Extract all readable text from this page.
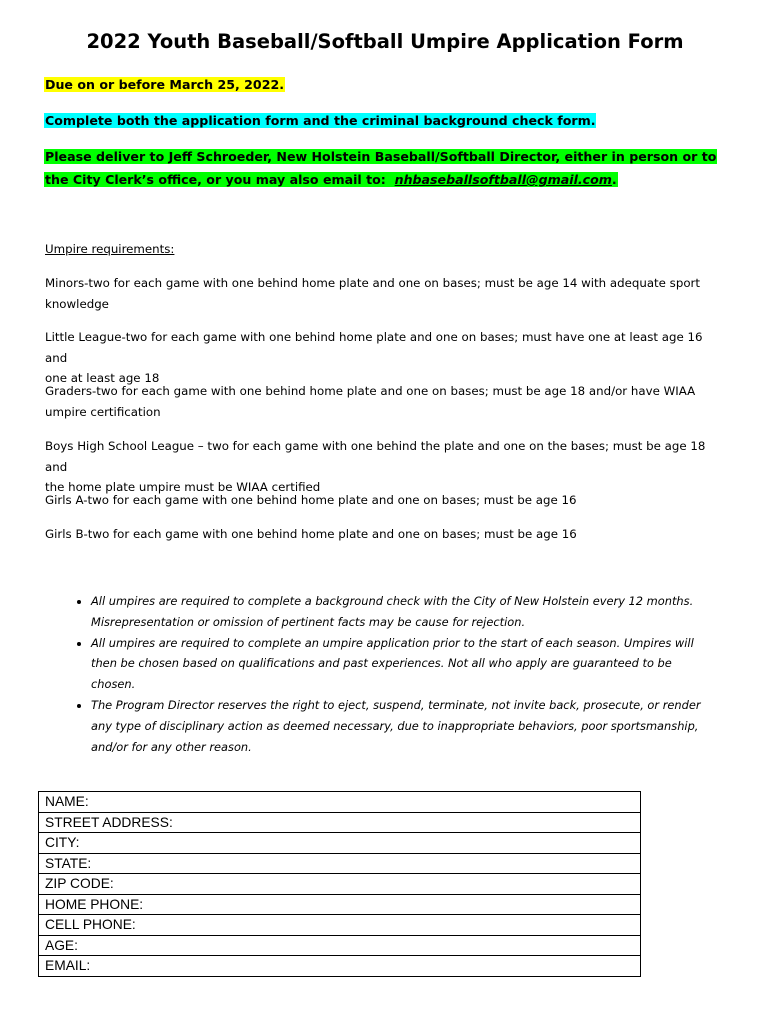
2022 Youth Baseball/Softball Umpire Application Form
Due on or before March 25, 2022.
Complete both the application form and the criminal background check form.
Please deliver to Jeff Schroeder, New Holstein Baseball/Softball Director, either in person or to
the City Clerk’s office, or you may also email to:  nhbaseballsoftball@gmail.com.
Umpire requirements:
Minors-two for each game with one behind home plate and one on bases; must be age 14 with adequate sport
knowledge
Little League-two for each game with one behind home plate and one on bases; must have one at least age 16 and
one at least age 18
Graders-two for each game with one behind home plate and one on bases; must be age 18 and/or have WIAA
umpire certification
Boys High School League – two for each game with one behind the plate and one on the bases; must be age 18 and
the home plate umpire must be WIAA certified
Girls A-two for each game with one behind home plate and one on bases; must be age 16
Girls B-two for each game with one behind home plate and one on bases; must be age 16
• All umpires are required to complete a background check with the City of New Holstein every 12 months.
Misrepresentation or omission of pertinent facts may be cause for rejection.
• All umpires are required to complete an umpire application prior to the start of each season. Umpires will
then be chosen based on qualifications and past experiences. Not all who apply are guaranteed to be
chosen.
• The Program Director reserves the right to eject, suspend, terminate, not invite back, prosecute, or render
any type of disciplinary action as deemed necessary, due to inappropriate behaviors, poor sportsmanship,
and/or for any other reason.
NAME:
STREET ADDRESS:
CITY:
STATE:
ZIP CODE:
HOME PHONE:
CELL PHONE:
AGE:
EMAIL:
